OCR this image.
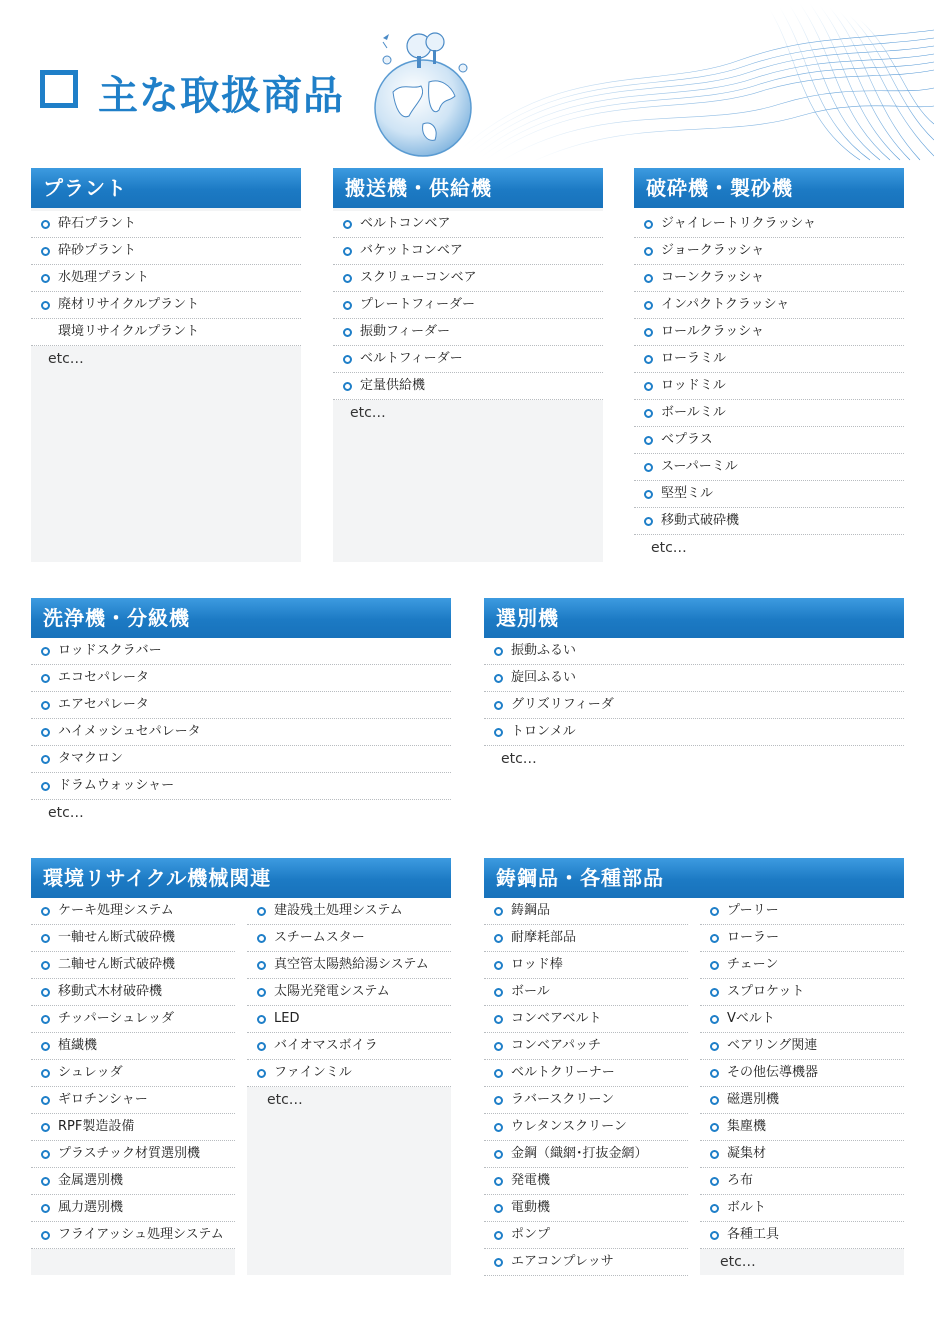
主な取扱商品
プラント
砕石プラント
砕砂プラント
水処理プラント
廃材リサイクルプラント
環境リサイクルプラント
etc…
搬送機・供給機
ベルトコンベア
バケットコンベア
スクリューコンベア
プレートフィーダー
振動フィーダー
ベルトフィーダー
定量供給機
etc…
破砕機・製砂機
ジャイレートリクラッシャ
ジョークラッシャ
コーンクラッシャ
インパクトクラッシャ
ロールクラッシャ
ローラミル
ロッドミル
ボールミル
ベプラス
スーパーミル
堅型ミル
移動式破砕機
etc…
洗浄機・分級機
ロッドスクラバー
エコセパレータ
エアセパレータ
ハイメッシュセパレータ
タマクロン
ドラムウォッシャー
etc…
選別機
振動ふるい
旋回ふるい
グリズリフィーダ
トロンメル
etc…
環境リサイクル機械関連
ケーキ処理システム
一軸せん断式破砕機
二軸せん断式破砕機
移動式木材破砕機
チッパーシュレッダ
植繊機
シュレッダ
ギロチンシャー
RPF製造設備
プラスチック材質選別機
金属選別機
風力選別機
フライアッシュ処理システム
建設残土処理システム
スチームスター
真空管太陽熱給湯システム
太陽光発電システム
LED
バイオマスボイラ
ファインミル
etc…
鋳鋼品・各種部品
鋳鋼品
耐摩耗部品
ロッド棒
ボール
コンベアベルト
コンベアパッチ
ベルトクリーナー
ラバースクリーン
ウレタンスクリーン
金鋼（織網･打抜金網）
発電機
電動機
ポンプ
エアコンプレッサ
プーリー
ローラー
チェーン
スプロケット
Vベルト
ベアリング関連
その他伝導機器
磁選別機
集塵機
凝集材
ろ布
ボルト
各種工具
etc…
